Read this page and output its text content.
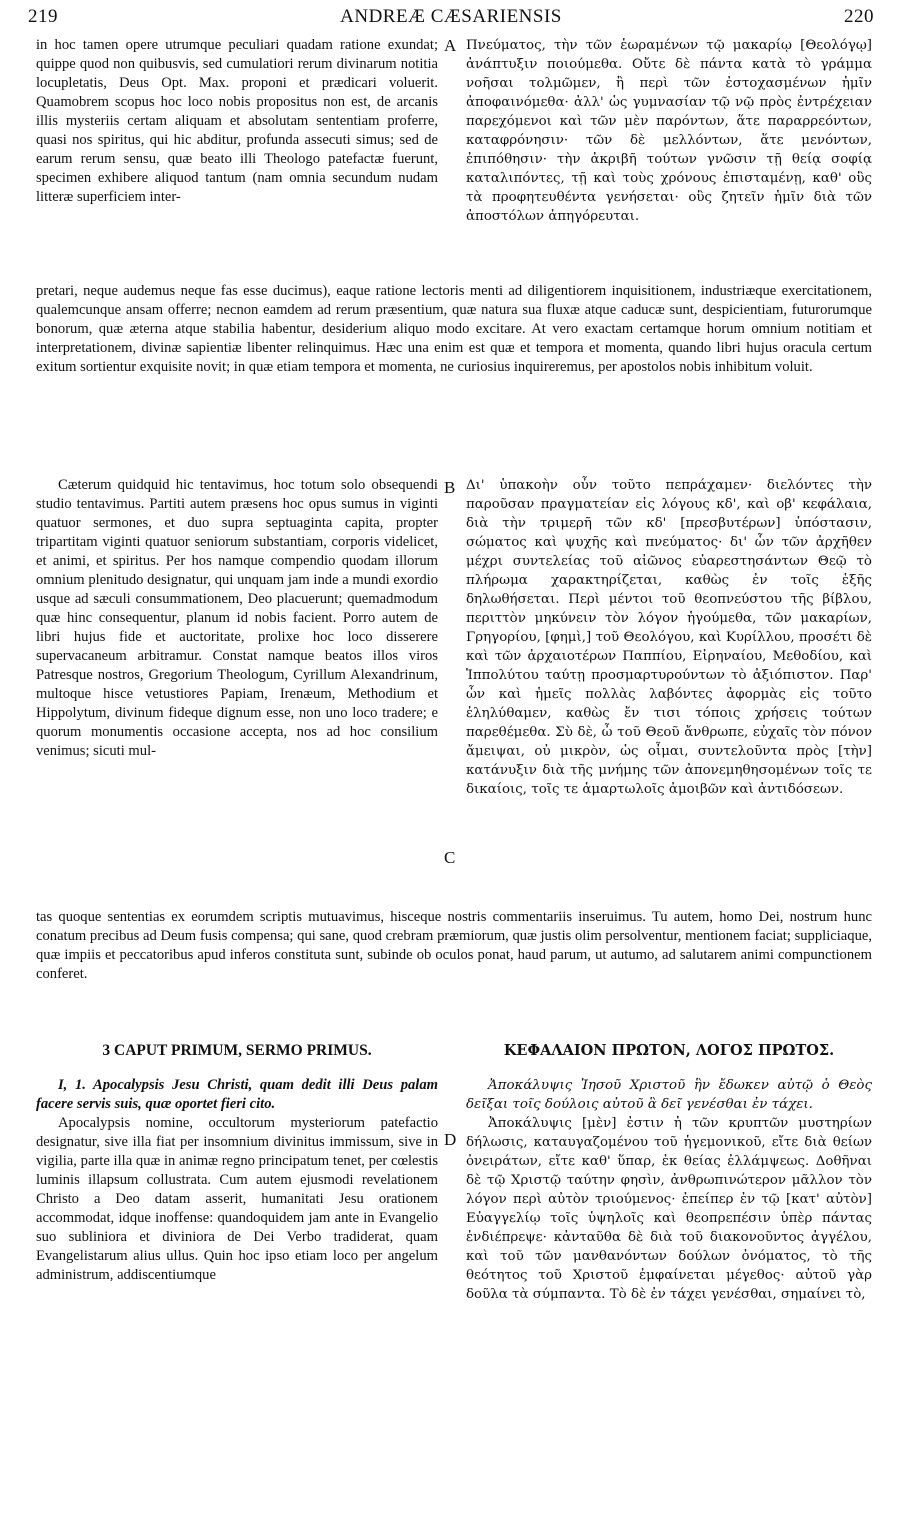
219	ANDREÆ CÆSARIENSIS	220

in hoc tamen opere utrumque peculiari quadam ratione exundat; quippe quod non quibusvis, sed cumulatiori rerum divinarum notitia locupletatis, Deus Opt. Max. proponi et prædicari voluerit. Quamobrem scopus hoc loco nobis propositus non est, de arcanis illis mysteriis certam aliquam et absolutam sententiam proferre, quasi nos spiritus, qui hic abditur, profunda assecuti simus; sed de earum rerum sensu, quæ beato illi Theologo patefactæ fuerunt, specimen exhibere aliquod tantum (nam omnia secundum nudam litteræ superficiem inter-

A Πνεύματος, τὴν τῶν ἑωραμένων τῷ μακαρίῳ [Θεολόγῳ] ἀνάπτυξιν ποιούμεθα. Οὔτε δὲ πάντα κατὰ τὸ γράμμα νοῆσαι τολμῶμεν, ἢ περὶ τῶν ἐστοχασμένων ἡμῖν ἀποφαινόμεθα· ἀλλ' ὡς γυμνασίαν τῷ νῷ πρὸς ἐντρέχειαν παρεχόμενοι καὶ τῶν μὲν παρόντων, ἅτε παραρρεόντων, καταφρόνησιν· τῶν δὲ μελλόντων, ἅτε μενόντων, ἐπιπόθησιν· τὴν ἀκριβῆ τούτων γνῶσιν τῇ θείᾳ σοφίᾳ καταλιπόντες, τῇ καὶ τοὺς χρόνους ἐπισταμένῃ, καθ' οὓς τὰ προφητευθέντα γενήσεται· οὓς ζητεῖν ἡμῖν διὰ τῶν ἀποστόλων ἀπηγόρευται.

pretari, neque audemus neque fas esse ducimus), eaque ratione lectoris menti ad diligentiorem inquisitionem, industriæque exercitationem, qualemcunque ansam offerre; necnon eamdem ad rerum præsentium, quæ natura sua fluxæ atque caducæ sunt, despicientiam, futurorumque bonorum, quæ æterna atque stabilia habentur, desiderium aliquo modo excitare. At vero exactam certamque horum omnium notitiam et interpretationem, divinæ sapientiæ libenter relinquimus. Hæc una enim est quæ et tempora et momenta, quando libri hujus oracula certum exitum sortientur exquisite novit; in quæ etiam tempora et momenta, ne curiosius inquireremus, per apostolos nobis inhibitum voluit.

Cæterum quidquid hic tentavimus, hoc totum solo obsequendi studio tentavimus. Partiti autem præsens hoc opus sumus in viginti quatuor sermones, et duo supra septuaginta capita, propter tripartitam viginti quatuor seniorum substantiam, corporis videlicet, et animi, et spiritus. Per hos namque compendio quodam illorum omnium plenitudo designatur, qui unquam jam inde a mundi exordio usque ad sæculi consummationem, Deo placuerunt; quemadmodum quæ hinc consequentur, planum id nobis facient. Porro autem de libri hujus fide et auctoritate, prolixe hoc loco disserere supervacaneum arbitramur. Constat namque beatos illos viros Patresque nostros, Gregorium Theologum, Cyrillum Alexandrinum, multoque hisce vetustiores Papiam, Irenæum, Methodium et Hippolytum, divinum fideque dignum esse, non uno loco tradere; e quorum monumentis occasione accepta, nos ad hoc consilium venimus; sicuti mul-

B
C

Δι' ὑπακοὴν οὖν τοῦτο πεπράχαμεν· διελόντες τὴν παροῦσαν πραγματείαν εἰς λόγους κδ', καὶ οβ' κεφάλαια, διὰ τὴν τριμερῆ τῶν κδ' [πρεσβυτέρων] ὑπόστασιν, σώματος καὶ ψυχῆς καὶ πνεύματος· δι' ὧν τῶν ἀρχῆθεν μέχρι συντελείας τοῦ αἰῶνος εὐαρεστησάντων Θεῷ τὸ πλήρωμα χαρακτηρίζεται, καθὼς ἐν τοῖς ἑξῆς δηλωθήσεται. Περὶ μέντοι τοῦ θεοπνεύστου τῆς βίβλου, περιττὸν μηκύνειν τὸν λόγον ἡγούμεθα, τῶν μακαρίων, Γρηγορίου, [φημὶ,] τοῦ Θεολόγου, καὶ Κυρίλλου, προσέτι δὲ καὶ τῶν ἀρχαιοτέρων Παππίου, Εἰρηναίου, Μεθοδίου, καὶ Ἱππολύτου ταύτῃ προσμαρτυρούντων τὸ ἀξιόπιστον. Παρ' ὧν καὶ ἡμεῖς πολλὰς λαβόντες ἀφορμὰς εἰς τοῦτο ἐληλύθαμεν, καθὼς ἔν τισι τόποις χρήσεις τούτων παρεθέμεθα. Σὺ δὲ, ὦ τοῦ Θεοῦ ἄνθρωπε, εὐχαῖς τὸν πόνον ἄμειψαι, οὐ μικρὸν, ὡς οἶμαι, συντελοῦντα πρὸς [τὴν] κατάνυξιν διὰ τῆς μνήμης τῶν ἀπονεμηθησομένων τοῖς τε δικαίοις, τοῖς τε ἁμαρτωλοῖς ἀμοιβῶν καὶ ἀντιδόσεων.

tas quoque sententias ex eorumdem scriptis mutuavimus, hisceque nostris commentariis inseruimus. Tu autem, homo Dei, nostrum hunc conatum precibus ad Deum fusis compensa; qui sane, quod crebram præmiorum, quæ justis olim persolventur, mentionem faciat; suppliciaque, quæ impiis et peccatoribus apud inferos constituta sunt, subinde ob oculos ponat, haud parum, ut autumo, ad salutarem animi compunctionem conferet.

3 CAPUT PRIMUM, SERMO PRIMUS.	ΚΕΦΑΛΑΙΟΝ ΠΡΩΤΟΝ, ΛΟΓΟΣ ΠΡΩΤΟΣ.

I, 1. Apocalypsis Jesu Christi, quam dedit illi Deus palam facere servis suis, quæ oportet fieri cito.

Apocalypsis nomine, occultorum mysteriorum patefactio designatur, sive illa fiat per insomnium divinitus immissum, sive in vigilia, parte illa quæ in animæ regno principatum tenet, per cœlestis luminis illapsum collustrata. Cum autem ejusmodi revelationem Christo a Deo datam asserit, humanitati Jesu orationem accommodat, idque inoffense: quandoquidem jam ante in Evangelio suo subliniora et diviniora de Dei Verbo tradiderat, quam Evangelistarum alius ullus. Quin hoc ipso etiam loco per angelum administrum, addiscentiumque

D

Ἀποκάλυψις Ἰησοῦ Χριστοῦ ἣν ἔδωκεν αὐτῷ ὁ Θεὸς δεῖξαι τοῖς δούλοις αὐτοῦ ἃ δεῖ γενέσθαι ἐν τάχει.

Ἀποκάλυψις [μὲν] ἐστιν ἡ τῶν κρυπτῶν μυστηρίων δήλωσις, καταυγαζομένου τοῦ ἡγεμονικοῦ, εἴτε διὰ θείων ὀνειράτων, εἴτε καθ' ὕπαρ, ἐκ θείας ἐλλάμψεως. Δοθῆναι δὲ τῷ Χριστῷ ταύτην φησὶν, ἀνθρωπινώτερον μᾶλλον τὸν λόγον περὶ αὐτὸν τριούμενος· ἐπείπερ ἐν τῷ [κατ' αὐτὸν] Εὐαγγελίῳ τοῖς ὑψηλοῖς καὶ θεοπρεπέσιν ὑπὲρ πάντας ἐνδιέπρεψε· κἀνταῦθα δὲ διὰ τοῦ διακονοῦντος ἀγγέλου, καὶ τοῦ τῶν μανθανόντων δούλων ὀνόματος, τὸ τῆς θεότητος τοῦ Χριστοῦ ἐμφαίνεται μέγεθος· αὐτοῦ γὰρ δοῦλα τὰ σύμπαντα. Τὸ δὲ ἐν τάχει γενέσθαι, σημαίνει τὸ,
